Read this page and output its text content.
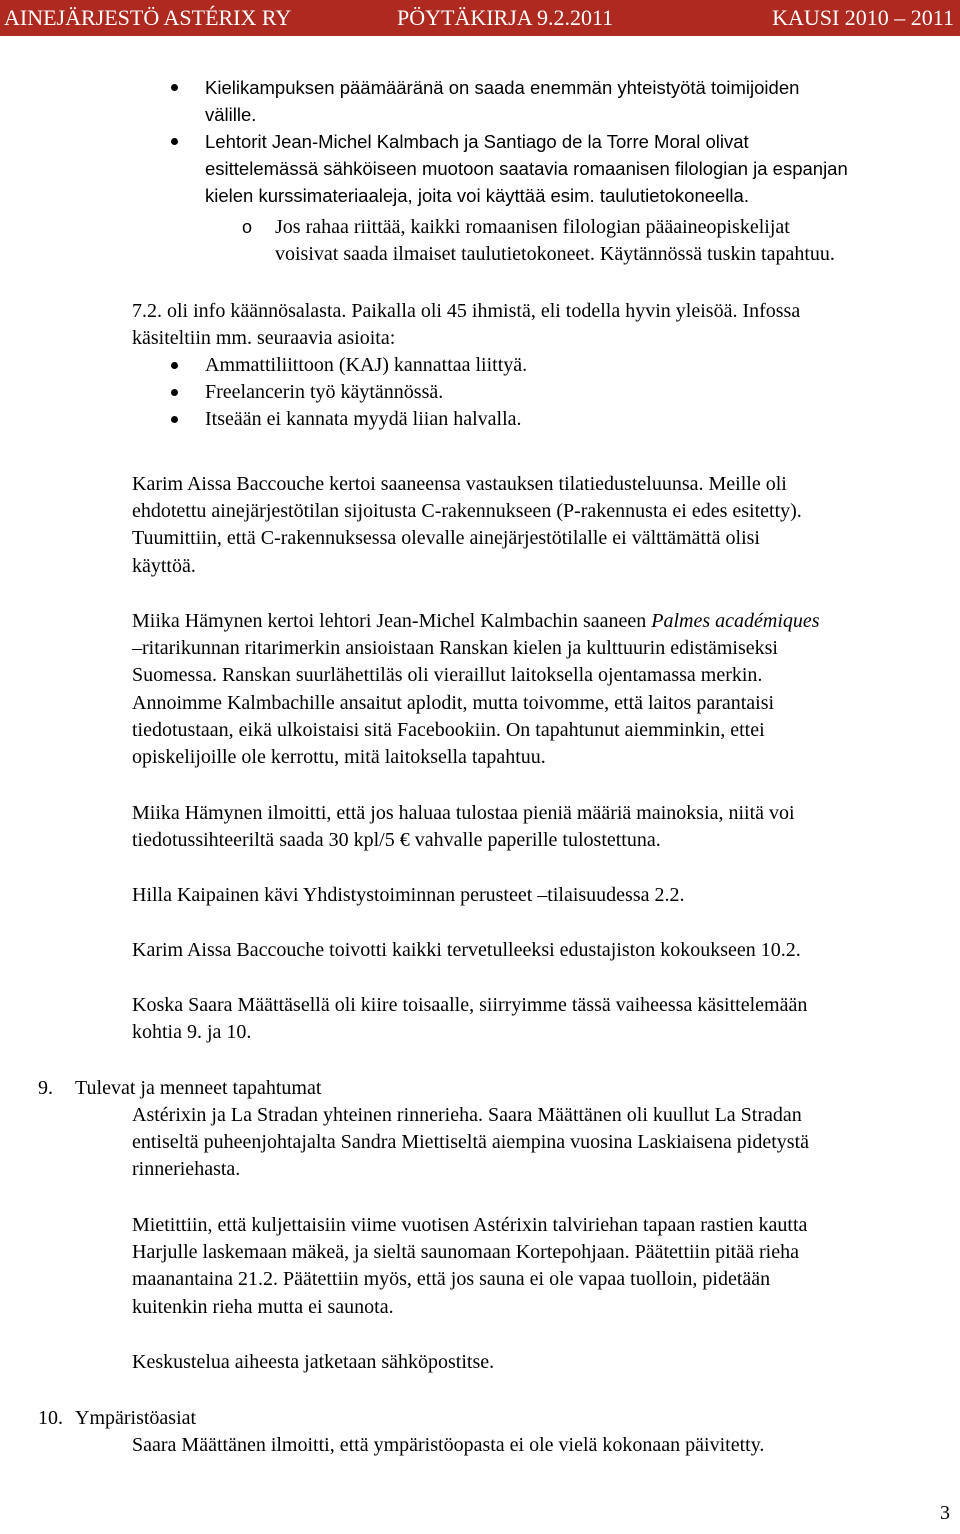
AINEJÄRJESTÖ ASTÉRIX RY	PÖYTÄKIRJA 9.2.2011	KAUSI 2010 – 2011
Kielikampuksen päämääränä on saada enemmän yhteistyötä toimijoiden
välille.
Lehtorit Jean-Michel Kalmbach ja Santiago de la Torre Moral olivat
esittelemässä sähköiseen muotoon saatavia romaanisen filologian ja espanjan
kielen kurssimateriaaleja, joita voi käyttää esim. taulutietokoneella.
o Jos rahaa riittää, kaikki romaanisen filologian pääaineopiskelijat
voisivat saada ilmaiset taulutietokoneet. Käytännössä tuskin tapahtuu.
7.2. oli info käännösalasta. Paikalla oli 45 ihmistä, eli todella hyvin yleisöä. Infossa
käsiteltiin mm. seuraavia asioita:
Ammattiliittoon (KAJ) kannattaa liittyä.
Freelancerin työ käytännössä.
Itseään ei kannata myydä liian halvalla.

Karim Aissa Baccouche kertoi saaneensa vastauksen tilatiedusteluunsa. Meille oli

ehdotettu ainejärjestötilan sijoitusta C-rakennukseen (P-rakennusta ei edes esitetty).

Tuumittiin, että C-rakennuksessa olevalle ainejärjestötilalle ei välttämättä olisi

käyttöä.

Miika Hämynen kertoi lehtori Jean-Michel Kalmbachin saaneen Palmes académiques

–ritarikunnan ritarimerkin ansioistaan Ranskan kielen ja kulttuurin edistämiseksi

Suomessa. Ranskan suurlähettiläs oli vieraillut laitoksella ojentamassa merkin.

Annoimme Kalmbachille ansaitut aplodit, mutta toivomme, että laitos parantaisi

tiedotustaan, eikä ulkoistaisi sitä Facebookiin. On tapahtunut aiemminkin, ettei

opiskelijoille ole kerrottu, mitä laitoksella tapahtuu.

Miika Hämynen ilmoitti, että jos haluaa tulostaa pieniä määriä mainoksia, niitä voi

tiedotussihteeriltä saada 30 kpl/5 € vahvalle paperille tulostettuna.

Hilla Kaipainen kävi Yhdistystoiminnan perusteet –tilaisuudessa 2.2.

Karim Aissa Baccouche toivotti kaikki tervetulleeksi edustajiston kokoukseen 10.2.

Koska Saara Määttäsellä oli kiire toisaalle, siirryimme tässä vaiheessa käsittelemään

kohtia 9. ja 10.

9. Tulevat ja menneet tapahtumat

Astérixin ja La Stradan yhteinen rinnerieha. Saara Määttänen oli kuullut La Stradan

entiseltä puheenjohtajalta Sandra Miettiseltä aiempina vuosina Laskiaisena pidetystä

rinneriehasta.

Mietittiin, että kuljettaisiin viime vuotisen Astérixin talviriehan tapaan rastien kautta

Harjulle laskemaan mäkeä, ja sieltä saunomaan Kortepohjaan. Päätettiin pitää rieha

maanantaina 21.2. Päätettiin myös, että jos sauna ei ole vapaa tuolloin, pidetään

kuitenkin rieha mutta ei saunota.

Keskustelua aiheesta jatketaan sähköpostitse.

10. Ympäristöasiat

Saara Määttänen ilmoitti, että ympäristöopasta ei ole vielä kokonaan päivitetty.

3
